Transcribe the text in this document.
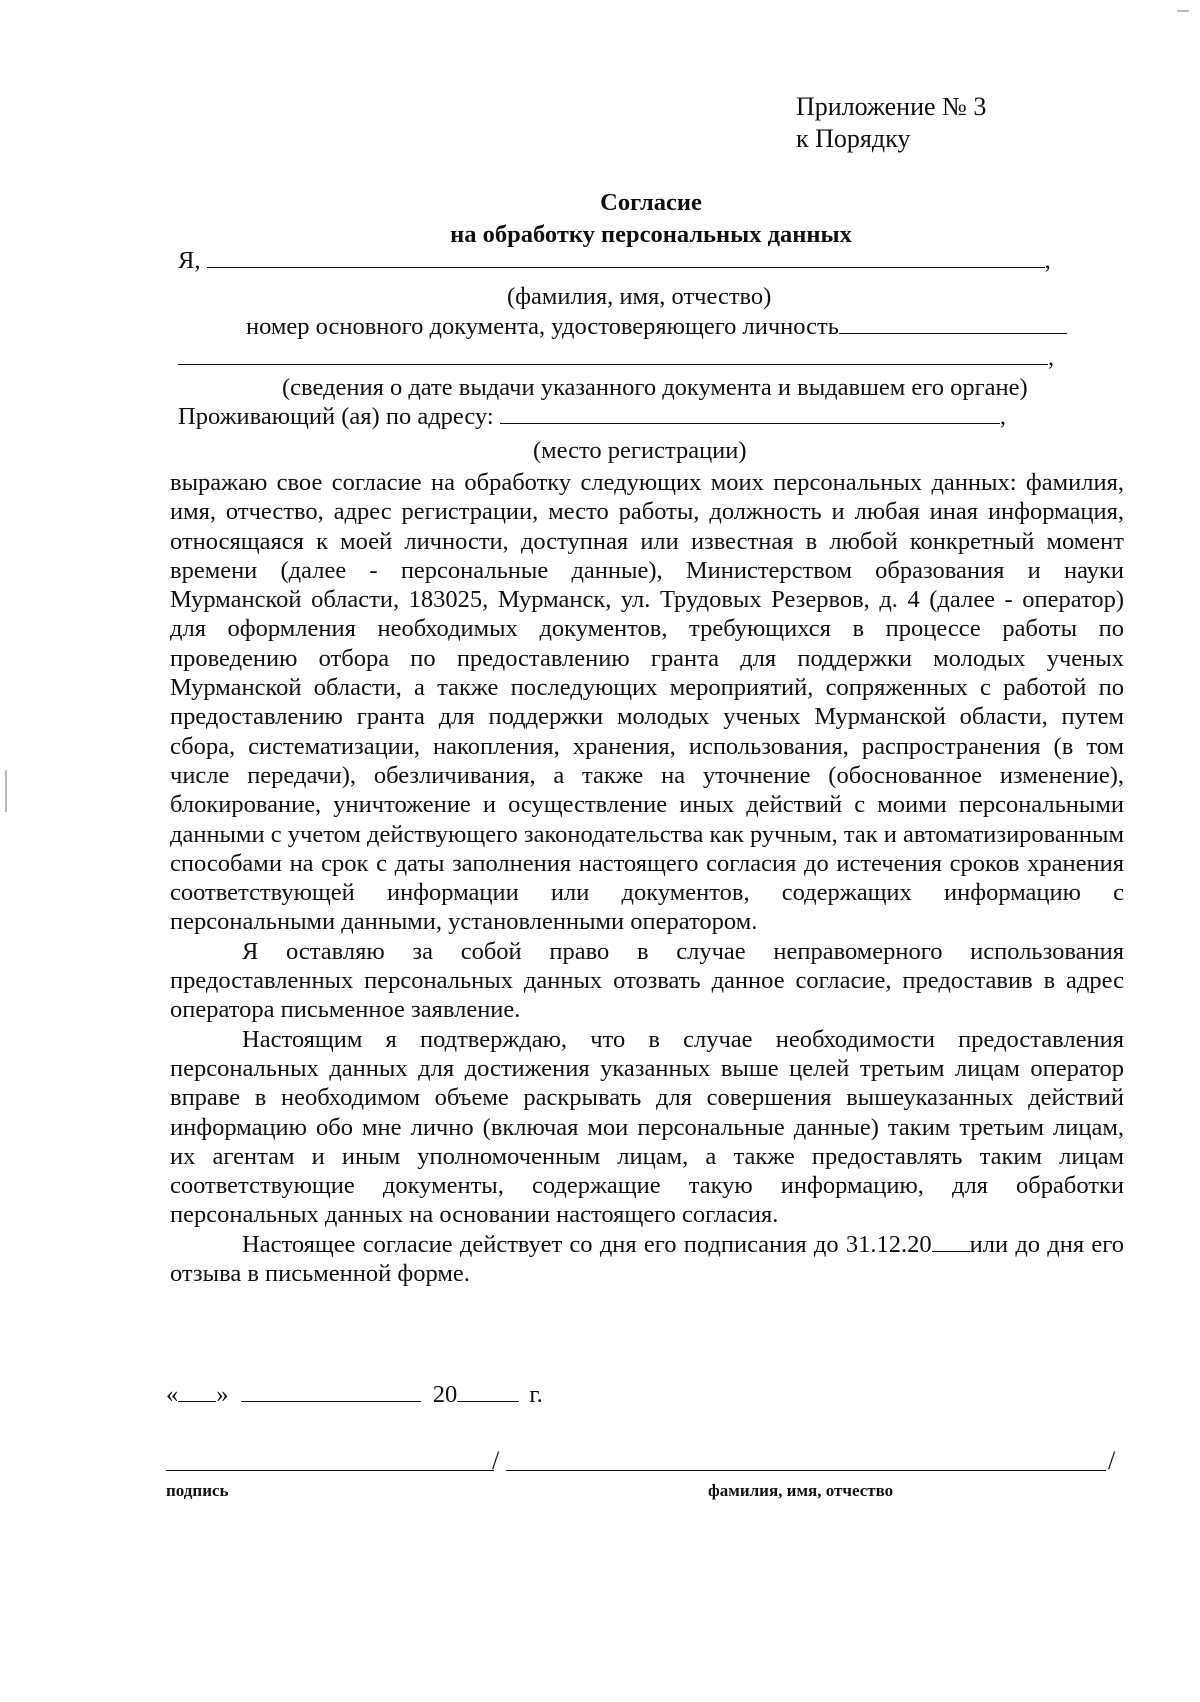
Приложение № 3

к Порядку

Согласие

на обработку персональных данных

Я,	,

(фамилия, имя, отчество)

номер основного документа, удостоверяющего личность

,

(сведения о дате выдачи указанного документа и выдавшем его органе)

Проживающий (ая) по адресу:	,

(место регистрации)

выражаю свое согласие на обработку следующих моих персональных данных: фамилия, имя, отчество, адрес регистрации, место работы, должность и любая иная информация, относящаяся к моей личности, доступная или известная в любой конкретный момент времени (далее - персональные данные), Министерством образования и науки Мурманской области, 183025, Мурманск, ул. Трудовых Резервов, д. 4 (далее - оператор) для оформления необходимых документов, требующихся в процессе работы по проведению отбора по предоставлению гранта для поддержки молодых ученых Мурманской области, а также последующих мероприятий, сопряженных с работой по предоставлению гранта для поддержки молодых ученых Мурманской области, путем сбора, систематизации, накопления, хранения, использования, распространения (в том числе передачи), обезличивания, а также на уточнение (обоснованное изменение), блокирование, уничтожение и осуществление иных действий с моими персональными данными с учетом действующего законодательства как ручным, так и автоматизированным способами на срок с даты заполнения настоящего согласия до истечения сроков хранения соответствующей информации или документов, содержащих информацию с персональными данными, установленными оператором.

Я оставляю за собой право в случае неправомерного использования предоставленных персональных данных отозвать данное согласие, предоставив в адрес оператора письменное заявление.

Настоящим я подтверждаю, что в случае необходимости предоставления персональных данных для достижения указанных выше целей третьим лицам оператор вправе в необходимом объеме раскрывать для совершения вышеуказанных действий информацию обо мне лично (включая мои персональные данные) таким третьим лицам, их агентам и иным уполномоченным лицам, а также предоставлять таким лицам соответствующие документы, содержащие такую информацию, для обработки персональных данных на основании настоящего согласия.

Настоящее согласие действует со дня его подписания до 31.12.20 или до дня его отзыва в письменной форме.

« »	20	г.

/	/

подпись	фамилия, имя, отчество
